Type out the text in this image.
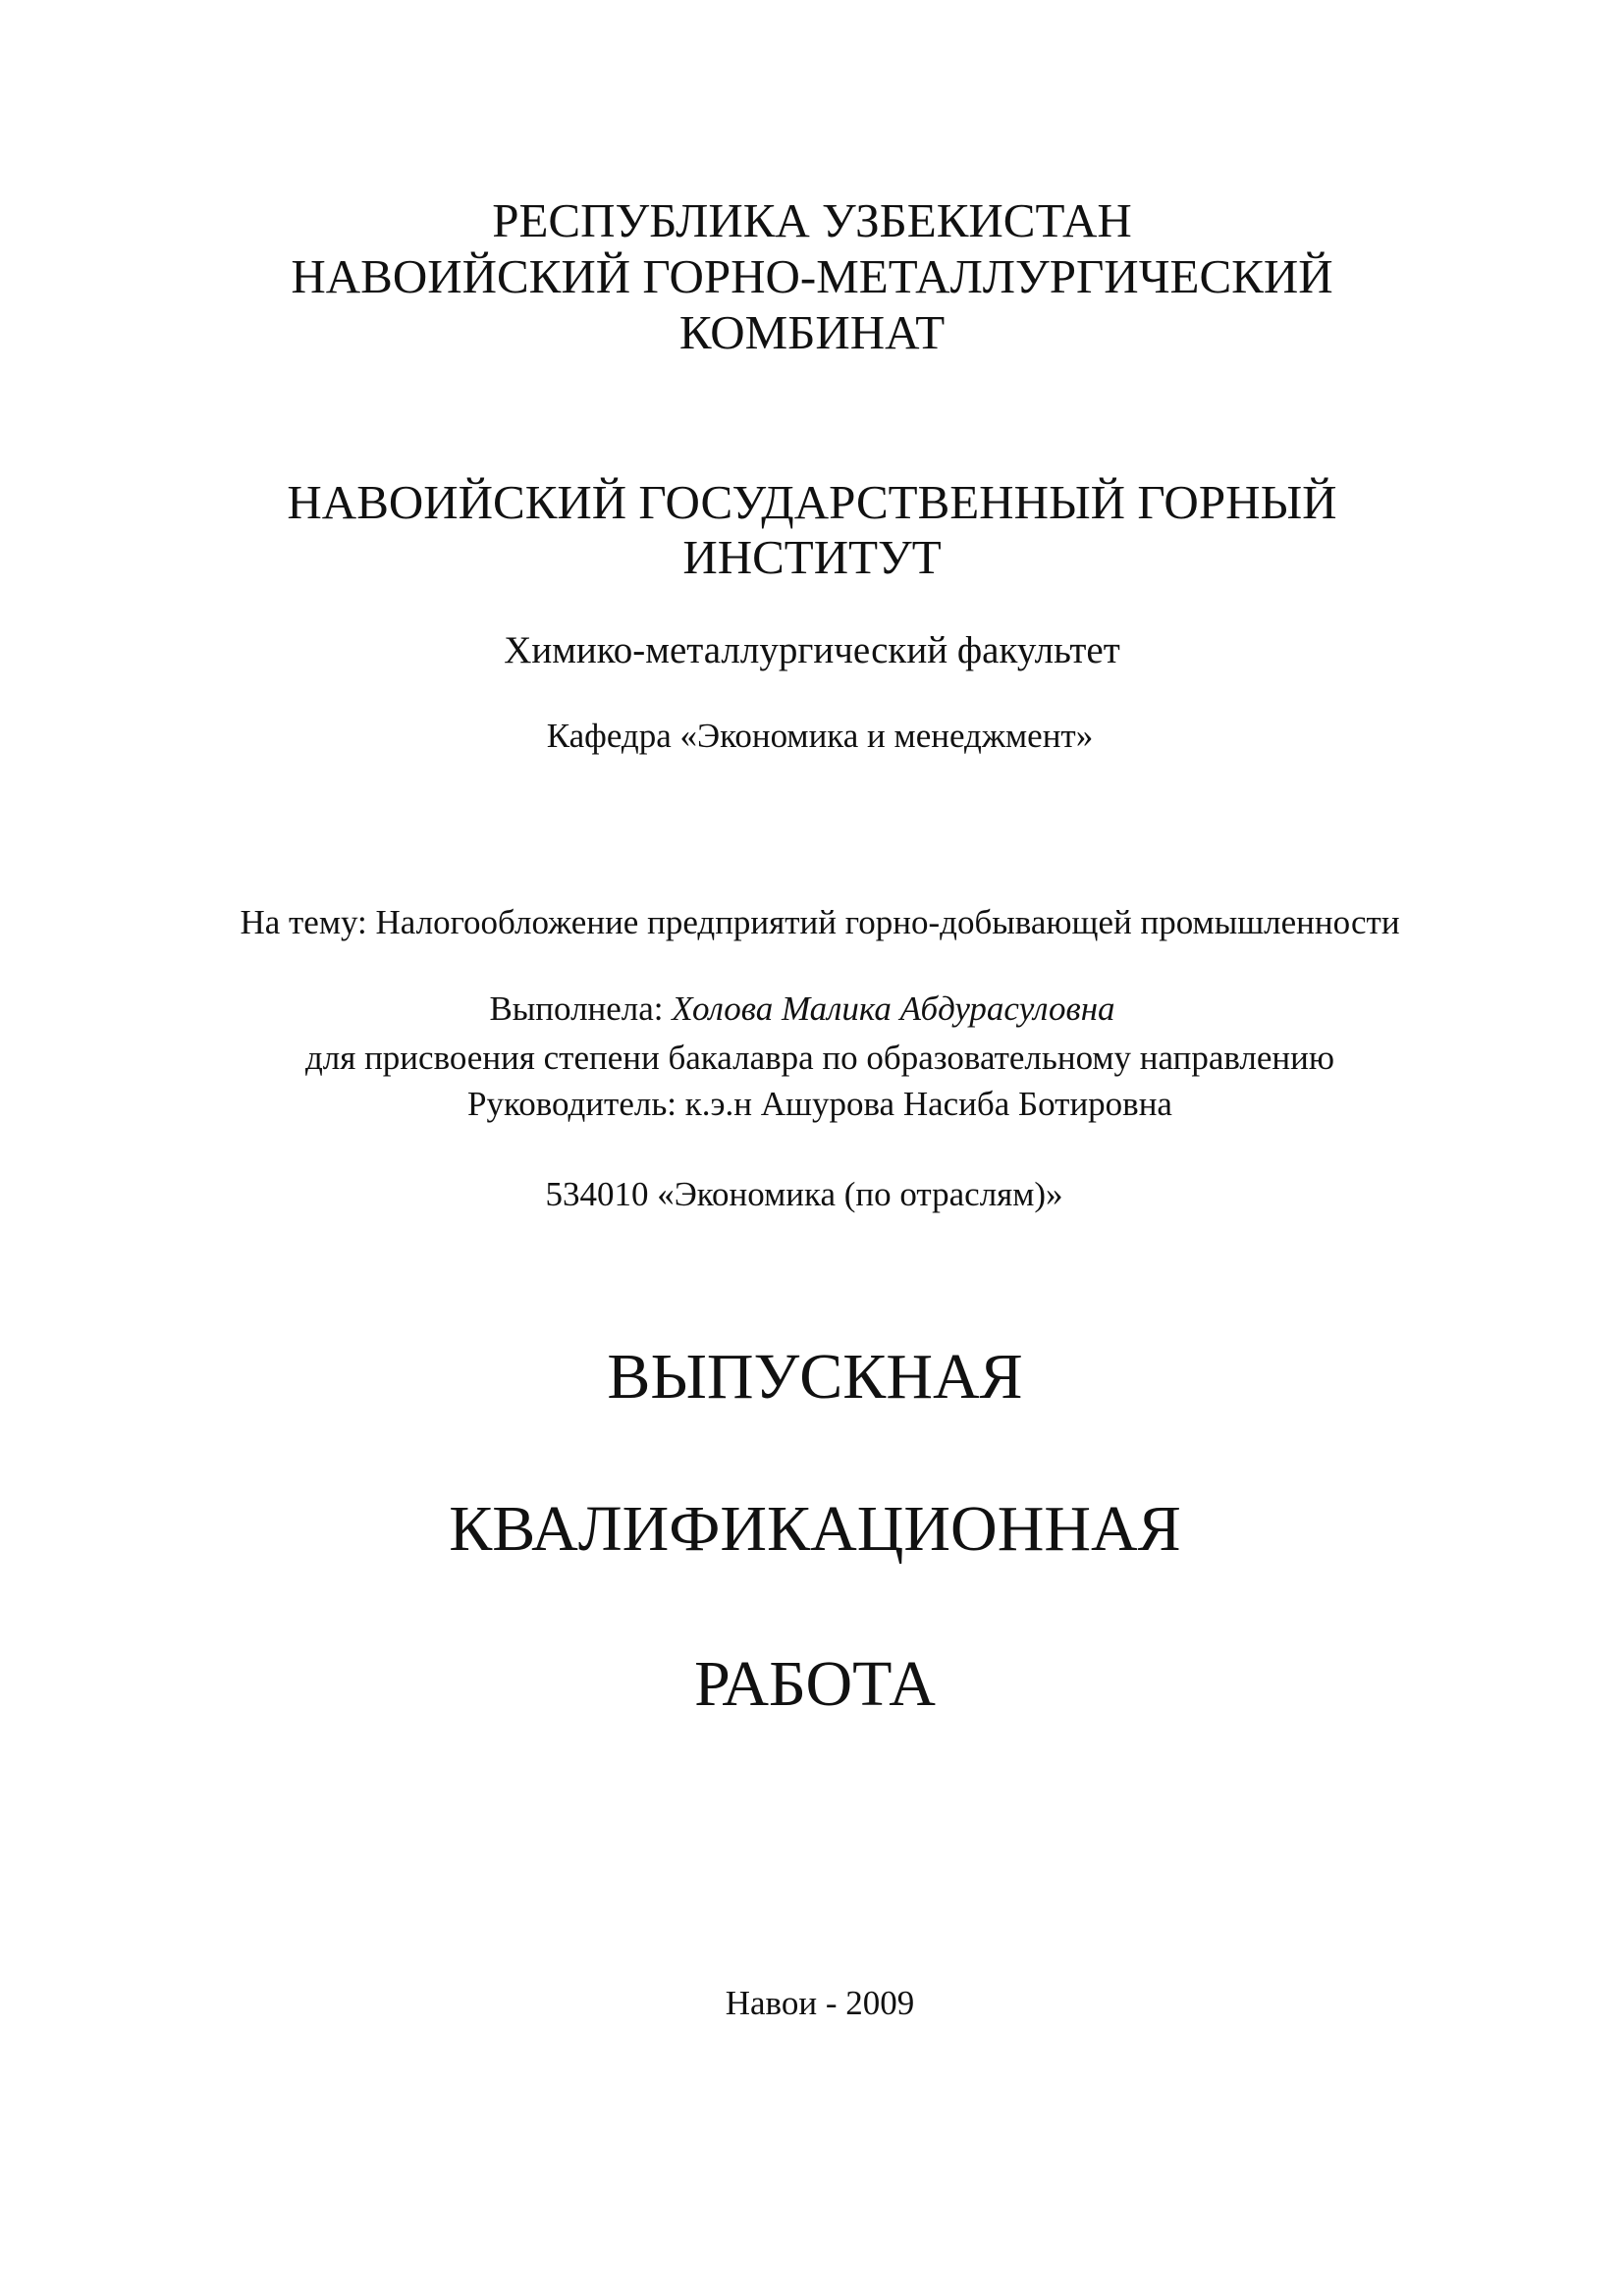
РЕСПУБЛИКА УЗБЕКИСТАН
НАВОИЙСКИЙ ГОРНО-МЕТАЛЛУРГИЧЕСКИЙ
КОМБИНАТ
НАВОИЙСКИЙ ГОСУДАРСТВЕННЫЙ ГОРНЫЙ
ИНСТИТУТ
Химико-металлургический факультет
Кафедра «Экономика и менеджмент»
На тему: Налогообложение предприятий горно-добывающей промышленности
Выполнела: Холова Малика Абдурасуловна
для присвоения степени бакалавра по образовательному направлению
Руководитель: к.э.н Ашурова Насиба Ботировна
534010 «Экономика (по отраслям)»
ВЫПУСКНАЯ
КВАЛИФИКАЦИОННАЯ
РАБОТА
Навои - 2009
